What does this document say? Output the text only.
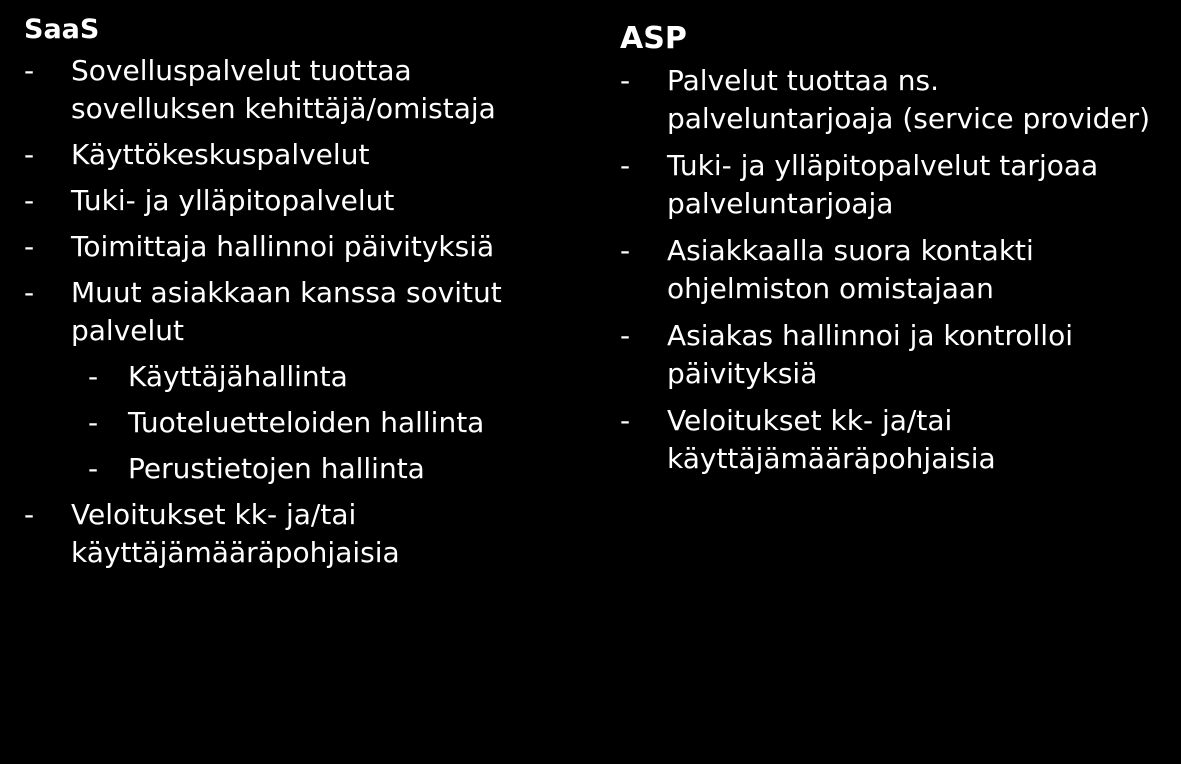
SaaS
- Sovelluspalvelut tuottaa sovelluksen kehittäjä/omistaja
- Käyttökeskuspalvelut
- Tuki- ja ylläpitopalvelut
- Toimittaja hallinnoi päivityksiä
- Muut asiakkaan kanssa sovitut palvelut
- Käyttäjähallinta
- Tuoteluetteloiden hallinta
- Perustietojen hallinta
- Veloitukset kk- ja/tai käyttäjämääräpohjaisia
ASP
- Palvelut tuottaa ns. palveluntarjoaja (service provider)
- Tuki- ja ylläpitopalvelut tarjoaa palveluntarjoaja
- Asiakkaalla suora kontakti ohjelmiston omistajaan
- Asiakas hallinnoi ja kontrolloi päivityksiä
- Veloitukset kk- ja/tai käyttäjämääräpohjaisia
